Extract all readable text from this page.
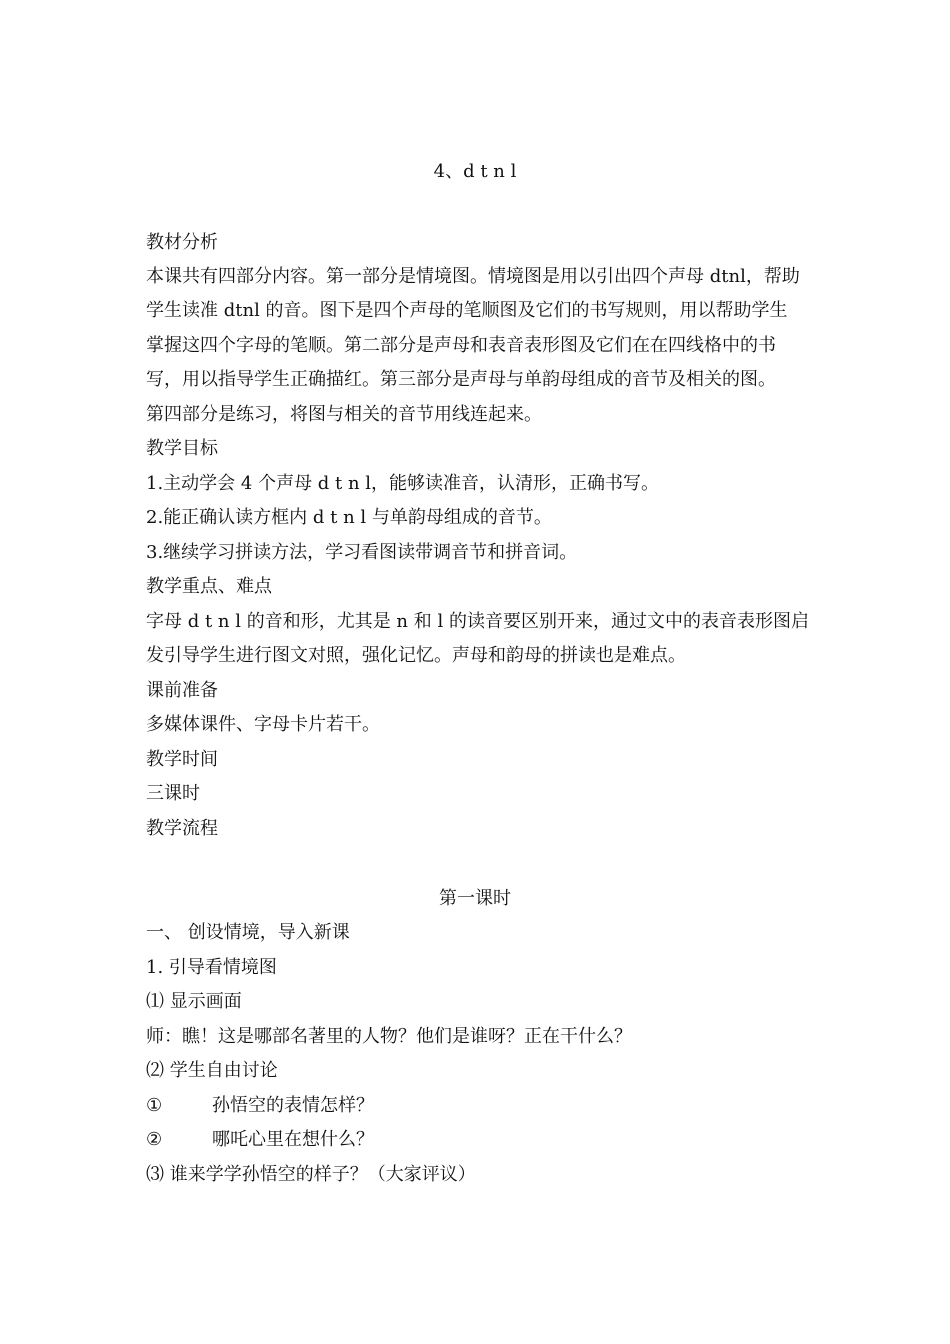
4、d t n l
教材分析
本课共有四部分内容。第一部分是情境图。情境图是用以引出四个声母 dtnl，帮助
学生读准 dtnl 的音。图下是四个声母的笔顺图及它们的书写规则，用以帮助学生
掌握这四个字母的笔顺。第二部分是声母和表音表形图及它们在在四线格中的书
写，用以指导学生正确描红。第三部分是声母与单韵母组成的音节及相关的图。
第四部分是练习，将图与相关的音节用线连起来。
教学目标
1.主动学会 4 个声母 d t n l，能够读准音，认清形，正确书写。
2.能正确认读方框内 d t n l 与单韵母组成的音节。
3.继续学习拼读方法，学习看图读带调音节和拼音词。
教学重点、难点
字母 d t n l 的音和形，尤其是 n 和 l 的读音要区别开来，通过文中的表音表形图启
发引导学生进行图文对照，强化记忆。声母和韵母的拼读也是难点。
课前准备
多媒体课件、字母卡片若干。
教学时间
三课时
教学流程
第一课时
一、 创设情境，导入新课
1. 引导看情境图
⑴ 显示画面
师：瞧！这是哪部名著里的人物？他们是谁呀？正在干什么？
⑵ 学生自由讨论
①	孙悟空的表情怎样？
②	哪吒心里在想什么？
⑶ 谁来学学孙悟空的样子？（大家评议）
